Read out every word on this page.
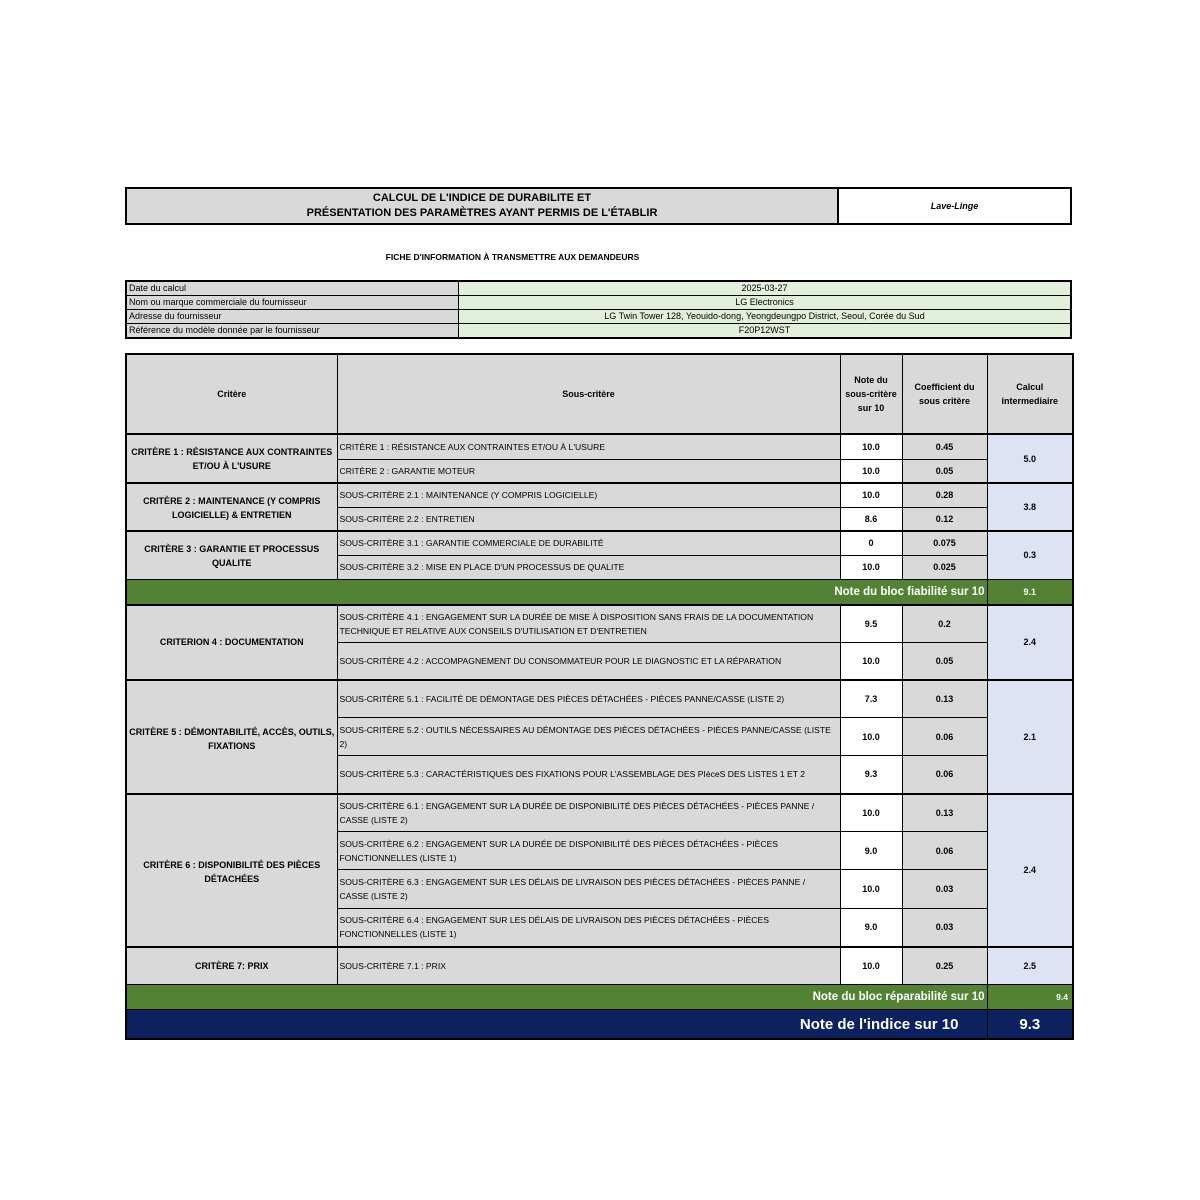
CALCUL DE L'INDICE DE DURABILITE ET
PRÉSENTATION DES PARAMÈTRES AYANT PERMIS DE L'ÉTABLIR
Lave-Linge
FICHE D'INFORMATION À TRANSMETTRE AUX DEMANDEURS
Date du calcul	2025-03-27
Nom ou marque commerciale du fournisseur	LG Electronics
Adresse du fournisseur	LG Twin Tower 128, Yeouido-dong, Yeongdeungpo District, Seoul, Corée du Sud
Référence du modèle donnée par le fournisseur	F20P12WST
Critère	Sous-critère	Note du
sous-critère
sur 10	Coefficient du
sous critère	Calcul
intermediaire
CRITÈRE 1 : RÉSISTANCE AUX CONTRAINTES
ET/OU À L'USURE	CRITÈRE 1 : RÉSISTANCE AUX CONTRAINTES ET/OU À L'USURE	10.0	0.45	5.0
	CRITÈRE 2 : GARANTIE MOTEUR	10.0	0.05	
CRITÈRE 2 : MAINTENANCE (Y COMPRIS
LOGICIELLE) & ENTRETIEN	SOUS-CRITÈRE 2.1 : MAINTENANCE (Y COMPRIS LOGICIELLE)	10.0	0.28	3.8
	SOUS-CRITÈRE 2.2 : ENTRETIEN	8.6	0.12	
CRITÈRE 3 : GARANTIE ET PROCESSUS
QUALITE	SOUS-CRITÈRE 3.1 : GARANTIE COMMERCIALE DE DURABILITÉ	0	0.075	0.3
	SOUS-CRITÈRE 3.2 : MISE EN PLACE D'UN PROCESSUS DE QUALITE	10.0	0.025	
Note du bloc fiabilité sur 10				9.1
CRITERION 4 : DOCUMENTATION	SOUS-CRITÈRE 4.1 : ENGAGEMENT SUR LA DURÉE DE MISE À DISPOSITION SANS FRAIS DE LA DOCUMENTATION
TECHNIQUE ET RELATIVE AUX CONSEILS D'UTILISATION ET D'ENTRETIEN	9.5	0.2	2.4
	SOUS-CRITÈRE 4.2 : ACCOMPAGNEMENT DU CONSOMMATEUR POUR LE DIAGNOSTIC ET LA RÉPARATION	10.0	0.05	
CRITÈRE 5 : DÉMONTABILITÉ, ACCÈS, OUTILS,
FIXATIONS	SOUS-CRITÈRE 5.1 : FACILITÉ DE DÉMONTAGE DES PIÈCES DÉTACHÉES - PIÈCES PANNE/CASSE (LISTE 2)	7.3	0.13	2.1
	SOUS-CRITÈRE 5.2 : OUTILS NÉCESSAIRES AU DÉMONTAGE DES PIÈCES DÉTACHÉES - PIÈCES PANNE/CASSE (LISTE
2)	10.0	0.06	
	SOUS-CRITÈRE 5.3 : CARACTÉRISTIQUES DES FIXATIONS POUR L'ASSEMBLAGE DES PIèceS DES LISTES 1 ET 2	9.3	0.06	
CRITÈRE 6 : DISPONIBILITÉ DES PIÈCES
DÉTACHÉES	SOUS-CRITÈRE 6.1 : ENGAGEMENT SUR LA DURÉE DE DISPONIBILITÉ DES PIÈCES DÉTACHÉES - PIÈCES PANNE /
CASSE (LISTE 2)	10.0	0.13	2.4
	SOUS-CRITÈRE 6.2 : ENGAGEMENT SUR LA DURÉE DE DISPONIBILITÉ DES PIÈCES DÉTACHÉES - PIÈCES
FONCTIONNELLES (LISTE 1)	9.0	0.06	
	SOUS-CRITÈRE 6.3 : ENGAGEMENT SUR LES DÉLAIS DE LIVRAISON DES PIÈCES DÉTACHÉES - PIÈCES PANNE /
CASSE (LISTE 2)	10.0	0.03	
	SOUS-CRITÈRE 6.4 : ENGAGEMENT SUR LES DÉLAIS DE LIVRAISON DES PIÈCES DÉTACHÉES - PIÈCES
FONCTIONNELLES (LISTE 1)	9.0	0.03	
CRITÈRE 7: PRIX	SOUS-CRITÈRE 7.1 : PRIX	10.0	0.25	2.5
Note du bloc réparabilité sur 10				9.4
Note de l'indice sur 10				9.3
